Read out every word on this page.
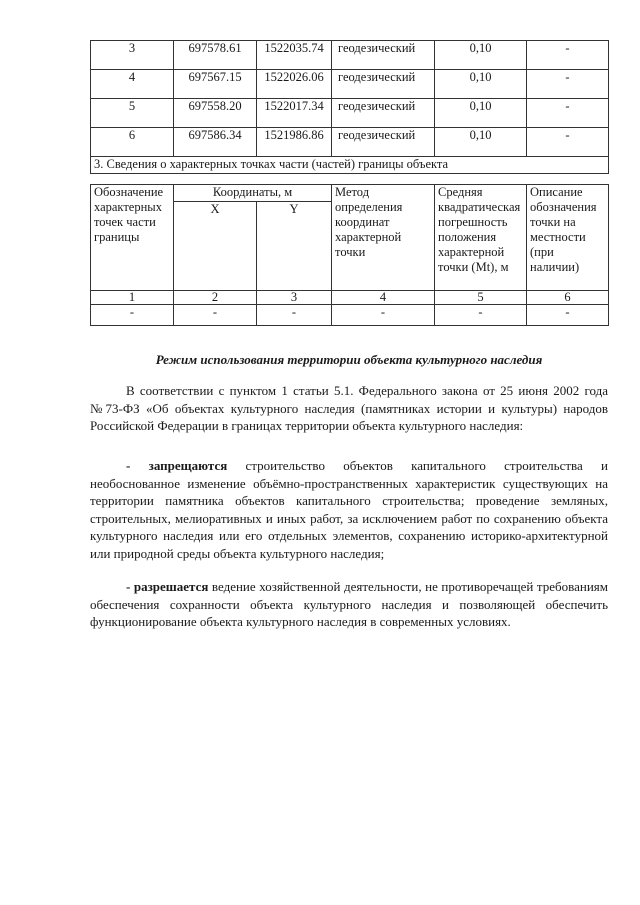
3	697578.61	1522035.74	геодезический	0,10	-
4	697567.15	1522026.06	геодезический	0,10	-
5	697558.20	1522017.34	геодезический	0,10	-
6	697586.34	1521986.86	геодезический	0,10	-
3. Сведения о характерных точках части (частей) границы объекта					
Обозначение характерных точек части границы	Координаты, м		Метод определения координат характерной точки	Средняя квадратическая погрешность положения характерной точки (Mt), м	Описание обозначения точки на местности (при наличии)
	X	Y			
1	2	3	4	5	6
-	-	-	-	-	-
Режим использования территории объекта культурного наследия

В соответствии с пунктом 1 статьи 5.1. Федерального закона от 25 июня 2002 года №73-ФЗ «Об объектах культурного наследия (памятниках истории и культуры) народов Российской Федерации в границах территории объекта культурного наследия:

- запрещаются строительство объектов капитального строительства и необоснованное изменение объёмно-пространственных характеристик существующих на территории памятника объектов капитального строительства; проведение земляных, строительных, мелиоративных и иных работ, за исключением работ по сохранению объекта культурного наследия или его отдельных элементов, сохранению историко-архитектурной или природной среды объекта культурного наследия;

- разрешается ведение хозяйственной деятельности, не противоречащей требованиям обеспечения сохранности объекта культурного наследия и позволяющей обеспечить функционирование объекта культурного наследия в современных условиях.
